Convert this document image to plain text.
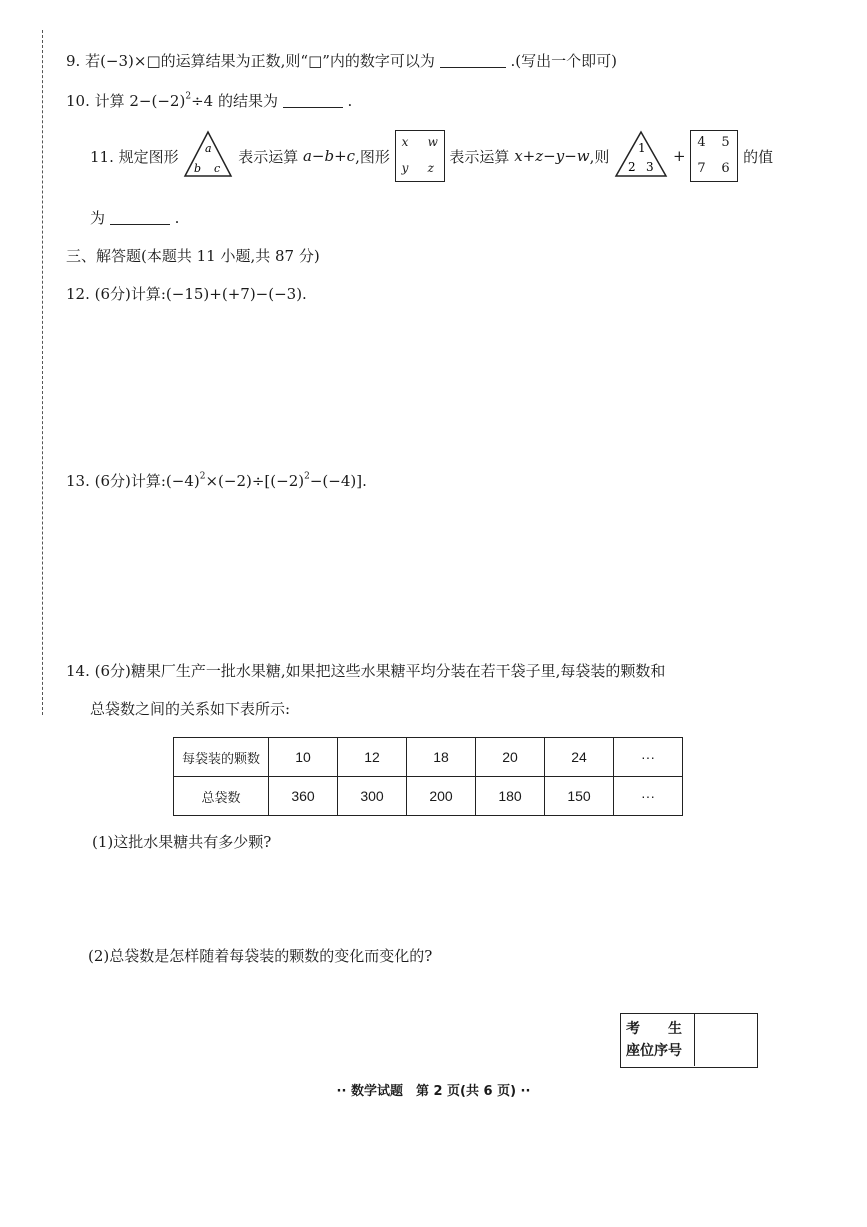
9. 若(−3)×□的运算结果为正数,则“□”内的数字可以为	.(写出一个即可)
10. 计算 $2-(-2)^2\div 4$ 的结果为	.
11. 规定图形 a
b c
表示运算 a−b+c,图形
x w
y z
表示运算 x+z−y−w,则 1
2 3
+
4 5
7 6
的值
为	.
三、解答题(本题共 11 小题,共 87 分)
12. (6分)计算:(−15)+(+7)−(−3).
13. (6分)计算$:(-4)^2\times(-2)\div[(-2)^2-(-4)]$.
14. (6分)糖果厂生产一批水果糖,如果把这些水果糖平均分装在若干袋子里,每袋装的颗数和
总袋数之间的关系如下表所示:
每袋装的颗数	10	12	18	20	24	···
总袋数	360	300	200	180	150	···
(1)这批水果糖共有多少颗?
(2)总袋数是怎样随着每袋装的颗数的变化而变化的?
考　　生
座位序号
·· 数学试题　第 2 页(共 6 页) ··
